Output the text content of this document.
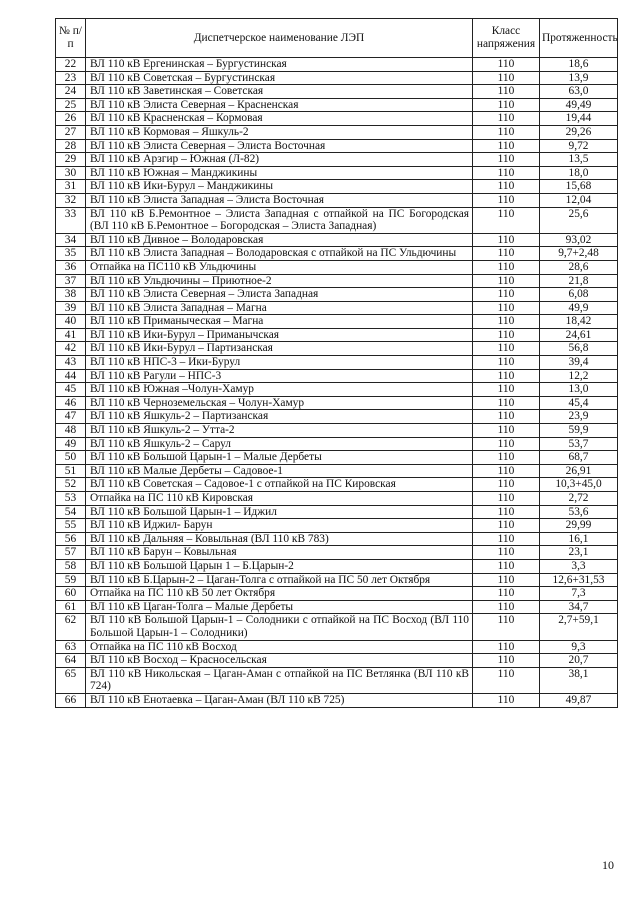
№ п/п	Диспетчерское наименование ЛЭП	Класс напряжения	Протяженность
22	ВЛ 110 кВ Ергенинская – Бургустинская	110	18,6
23	ВЛ 110 кВ Советская – Бургустинская	110	13,9
24	ВЛ 110 кВ Заветинская – Советская	110	63,0
25	ВЛ 110 кВ Элиста Северная – Красненская	110	49,49
26	ВЛ 110 кВ Красненская – Кормовая	110	19,44
27	ВЛ 110 кВ Кормовая – Яшкуль-2	110	29,26
28	ВЛ 110 кВ Элиста Северная – Элиста Восточная	110	9,72
29	ВЛ 110 кВ Арзгир – Южная (Л-82)	110	13,5
30	ВЛ 110 кВ Южная – Манджикины	110	18,0
31	ВЛ 110 кВ Ики-Бурул – Манджикины	110	15,68
32	ВЛ 110 кВ Элиста Западная – Элиста Восточная	110	12,04
33	ВЛ 110 кВ Б.Ремонтное – Элиста Западная с отпайкой на ПС Богородская (ВЛ 110 кВ Б.Ремонтное – Богородская – Элиста Западная)	110	25,6
34	ВЛ 110 кВ Дивное – Володаровская	110	93,02
35	ВЛ 110 кВ Элиста Западная – Володаровская с отпайкой на ПС Ульдючины	110	9,7+2,48
36	Отпайка на ПС110 кВ Ульдючины	110	28,6
37	ВЛ 110 кВ Ульдючины – Приютное-2	110	21,8
38	ВЛ 110 кВ Элиста Северная – Элиста Западная	110	6,08
39	ВЛ 110 кВ Элиста Западная – Магна	110	49,9
40	ВЛ 110 кВ Приманыческая – Магна	110	18,42
41	ВЛ 110 кВ Ики-Бурул – Приманычская	110	24,61
42	ВЛ 110 кВ Ики-Бурул – Партизанская	110	56,8
43	ВЛ 110 кВ НПС-3 – Ики-Бурул	110	39,4
44	ВЛ 110 кВ Рагули – НПС-3	110	12,2
45	ВЛ 110 кВ Южная –Чолун-Хамур	110	13,0
46	ВЛ 110 кВ Черноземельская – Чолун-Хамур	110	45,4
47	ВЛ 110 кВ Яшкуль-2 – Партизанская	110	23,9
48	ВЛ 110 кВ Яшкуль-2 – Утта-2	110	59,9
49	ВЛ 110 кВ Яшкуль-2 – Сарул	110	53,7
50	ВЛ 110 кВ Большой Царын-1 – Малые Дербеты	110	68,7
51	ВЛ 110 кВ Малые Дербеты – Садовое-1	110	26,91
52	ВЛ 110 кВ Советская – Садовое-1 с отпайкой на ПС Кировская	110	10,3+45,0
53	Отпайка на ПС 110 кВ Кировская	110	2,72
54	ВЛ 110 кВ Большой Царын-1 – Иджил	110	53,6
55	ВЛ 110 кВ Иджил- Барун	110	29,99
56	ВЛ 110 кВ Дальняя – Ковыльная (ВЛ 110 кВ 783)	110	16,1
57	ВЛ 110 кВ Барун – Ковыльная	110	23,1
58	ВЛ 110 кВ Большой Царын 1 – Б.Царын-2	110	3,3
59	ВЛ 110 кВ Б.Царын-2 – Цаган-Толга с отпайкой на ПС 50 лет Октября	110	12,6+31,53
60	Отпайка на ПС 110 кВ 50 лет Октября	110	7,3
61	ВЛ 110 кВ Цаган-Толга – Малые Дербеты	110	34,7
62	ВЛ 110 кВ Большой Царын-1 – Солодники с отпайкой на ПС Восход (ВЛ 110 Большой Царын-1 – Солодники)	110	2,7+59,1
63	Отпайка на ПС 110 кВ Восход	110	9,3
64	ВЛ 110 кВ Восход – Красносельская	110	20,7
65	ВЛ 110 кВ Никольская – Цаган-Аман с отпайкой на ПС Ветлянка (ВЛ 110 кВ 724)	110	38,1
66	ВЛ 110 кВ Енотаевка – Цаган-Аман (ВЛ 110 кВ 725)	110	49,87
10
